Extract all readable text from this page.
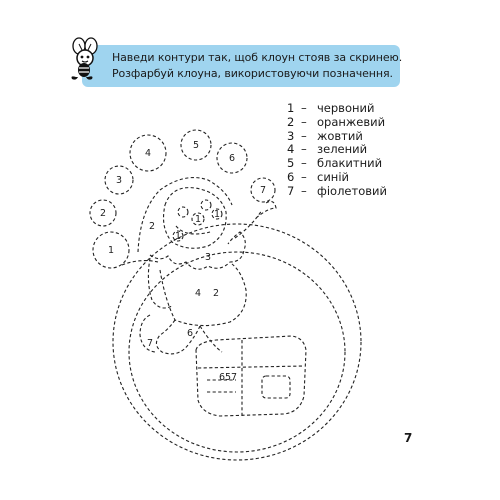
Наведи контури так, щоб клоун стояв за скринею.
Розфарбуй клоуна, використовуючи позначення.
1 – червоний
2 – оранжевий
3 – жовтий
4 – зелений
5 – блакитний
6 – синій
7 – фіолетовий
4
5
6
3
2
1
7
2
1 1
1
3
4 2
6
7
6 5 7
7
